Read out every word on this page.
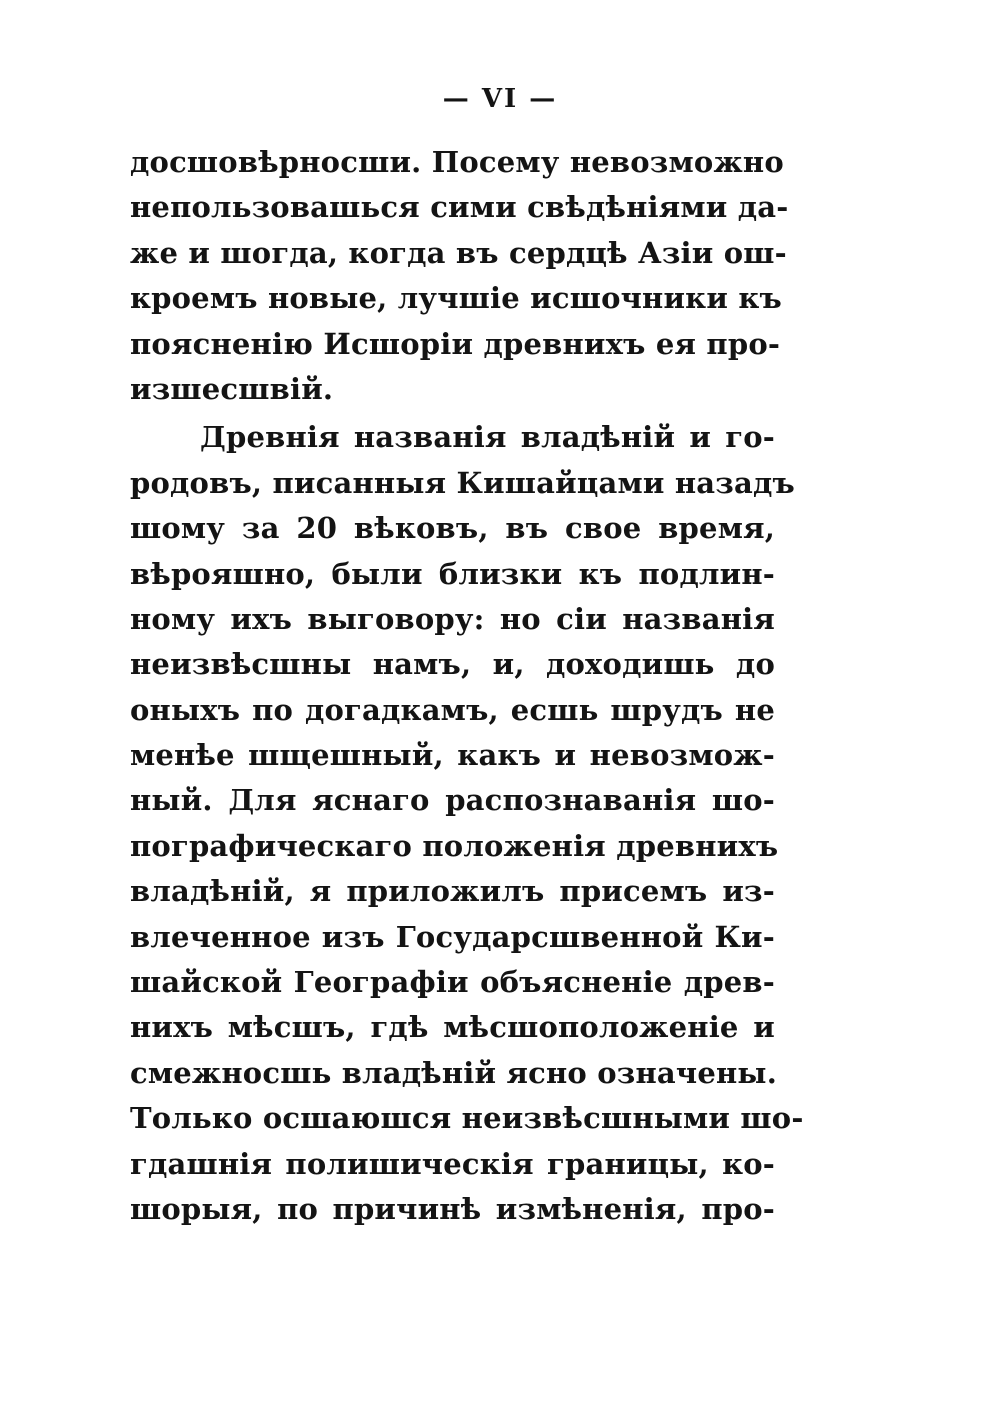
— VI —
досшовѣрносши. Посему невозможно
непользовашься сими свѣдѣніями да-
же и шогда, когда въ сердцѣ Азіи ош-
кроемъ новые, лучшіе исшочники къ
поясненію Исшоріи древнихъ ея про-
изшесшвій.
Древнія названія владѣній и го-
родовъ, писанныя Кишайцами назадъ
шому за 20 вѣковъ, въ свое время,
вѣрояшно, были близки къ подлин-
ному ихъ выговору: но сіи названія
неизвѣсшны намъ, и, доходишь до
оныхъ по догадкамъ, есшь шрудъ не
менѣе шщешный, какъ и невозмож-
ный. Для яснаго распознаванія шо-
пографическаго положенія древнихъ
владѣній, я приложилъ присемъ из-
влеченное изъ Государсшвенной Ки-
шайской Географіи объясненіе древ-
нихъ мѣсшъ, гдѣ мѣсшоположеніе и
смежносшь владѣній ясно означены.
Только осшаюшся неизвѣсшными шо-
гдашнія полишическія границы, ко-
шорыя, по причинѣ измѣненія, про-
